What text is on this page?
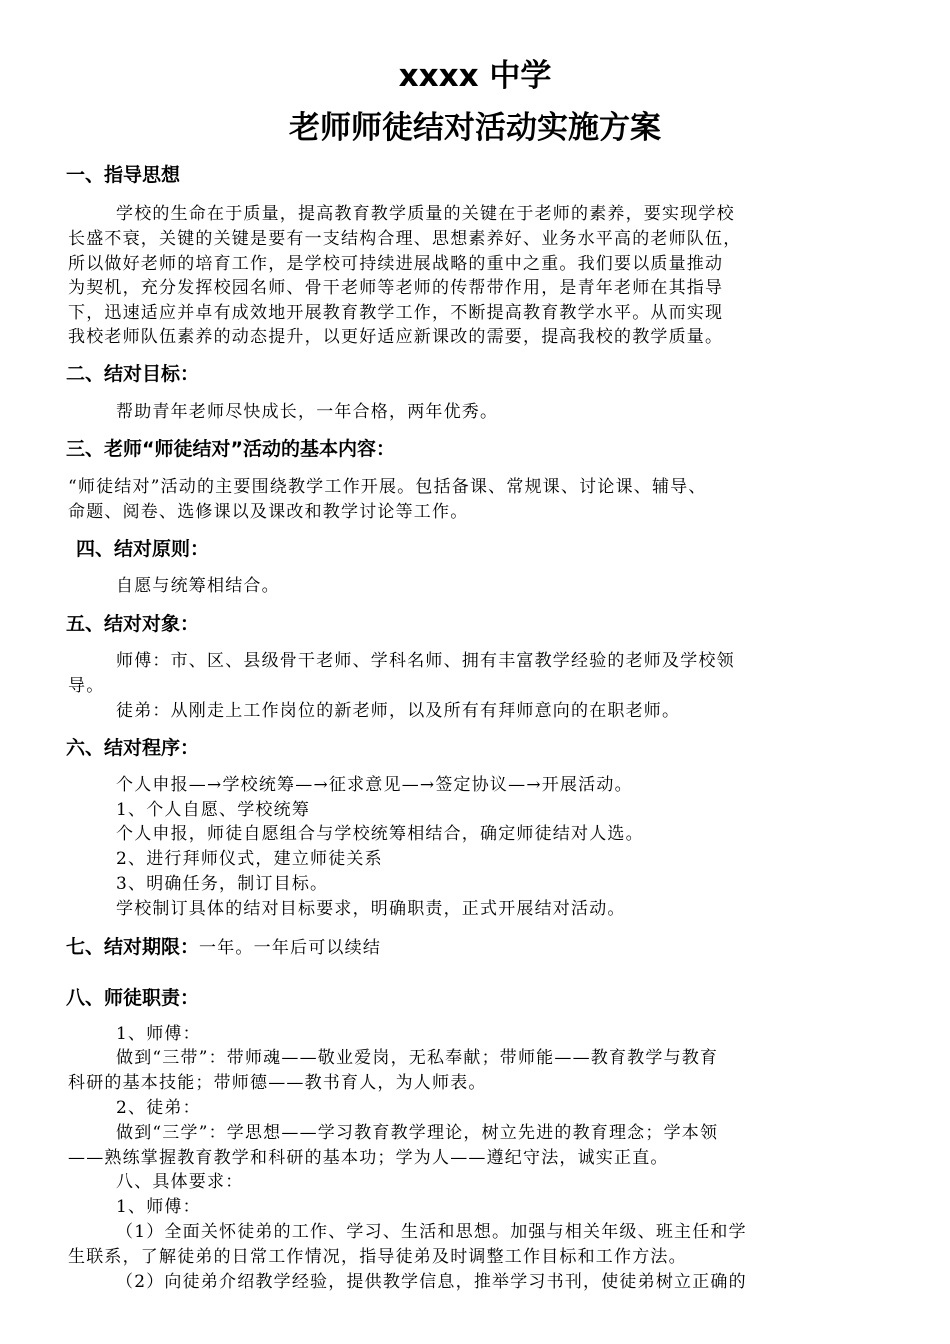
xxxx 中学
老师师徒结对活动实施方案
一、指导思想
学校的生命在于质量，提高教育教学质量的关键在于老师的素养，要实现学校
长盛不衰，关键的关键是要有一支结构合理、思想素养好、业务水平高的老师队伍，
所以做好老师的培育工作，是学校可持续进展战略的重中之重。我们要以质量推动
为契机，充分发挥校园名师、骨干老师等老师的传帮带作用，是青年老师在其指导
下，迅速适应并卓有成效地开展教育教学工作，不断提高教育教学水平。从而实现
我校老师队伍素养的动态提升，以更好适应新课改的需要，提高我校的教学质量。
二、结对目标：
帮助青年老师尽快成长，一年合格，两年优秀。
三、老师“师徒结对”活动的基本内容：
“师徒结对”活动的主要围绕教学工作开展。包括备课、常规课、讨论课、辅导、
命题、阅卷、选修课以及课改和教学讨论等工作。
四、结对原则：
自愿与统筹相结合。
五、结对对象：
师傅：市、区、县级骨干老师、学科名师、拥有丰富教学经验的老师及学校领
导。
徒弟：从刚走上工作岗位的新老师，以及所有有拜师意向的在职老师。
六、结对程序：
个人申报—→学校统筹—→征求意见—→签定协议—→开展活动。
1、个人自愿、学校统筹
个人申报，师徒自愿组合与学校统筹相结合，确定师徒结对人选。
2、进行拜师仪式，建立师徒关系
3、明确任务，制订目标。
学校制订具体的结对目标要求，明确职责，正式开展结对活动。
七、结对期限：一年。一年后可以续结
八、师徒职责：
1、师傅：
做到“三带”：带师魂——敬业爱岗，无私奉献；带师能——教育教学与教育
科研的基本技能；带师德——教书育人，为人师表。
2、徒弟：
做到“三学”：学思想——学习教育教学理论，树立先进的教育理念；学本领
——熟练掌握教育教学和科研的基本功；学为人——遵纪守法，诚实正直。
八、具体要求：
1、师傅：
（1）全面关怀徒弟的工作、学习、生活和思想。加强与相关年级、班主任和学
生联系，了解徒弟的日常工作情况，指导徒弟及时调整工作目标和工作方法。
（2）向徒弟介绍教学经验，提供教学信息，推举学习书刊，使徒弟树立正确的
